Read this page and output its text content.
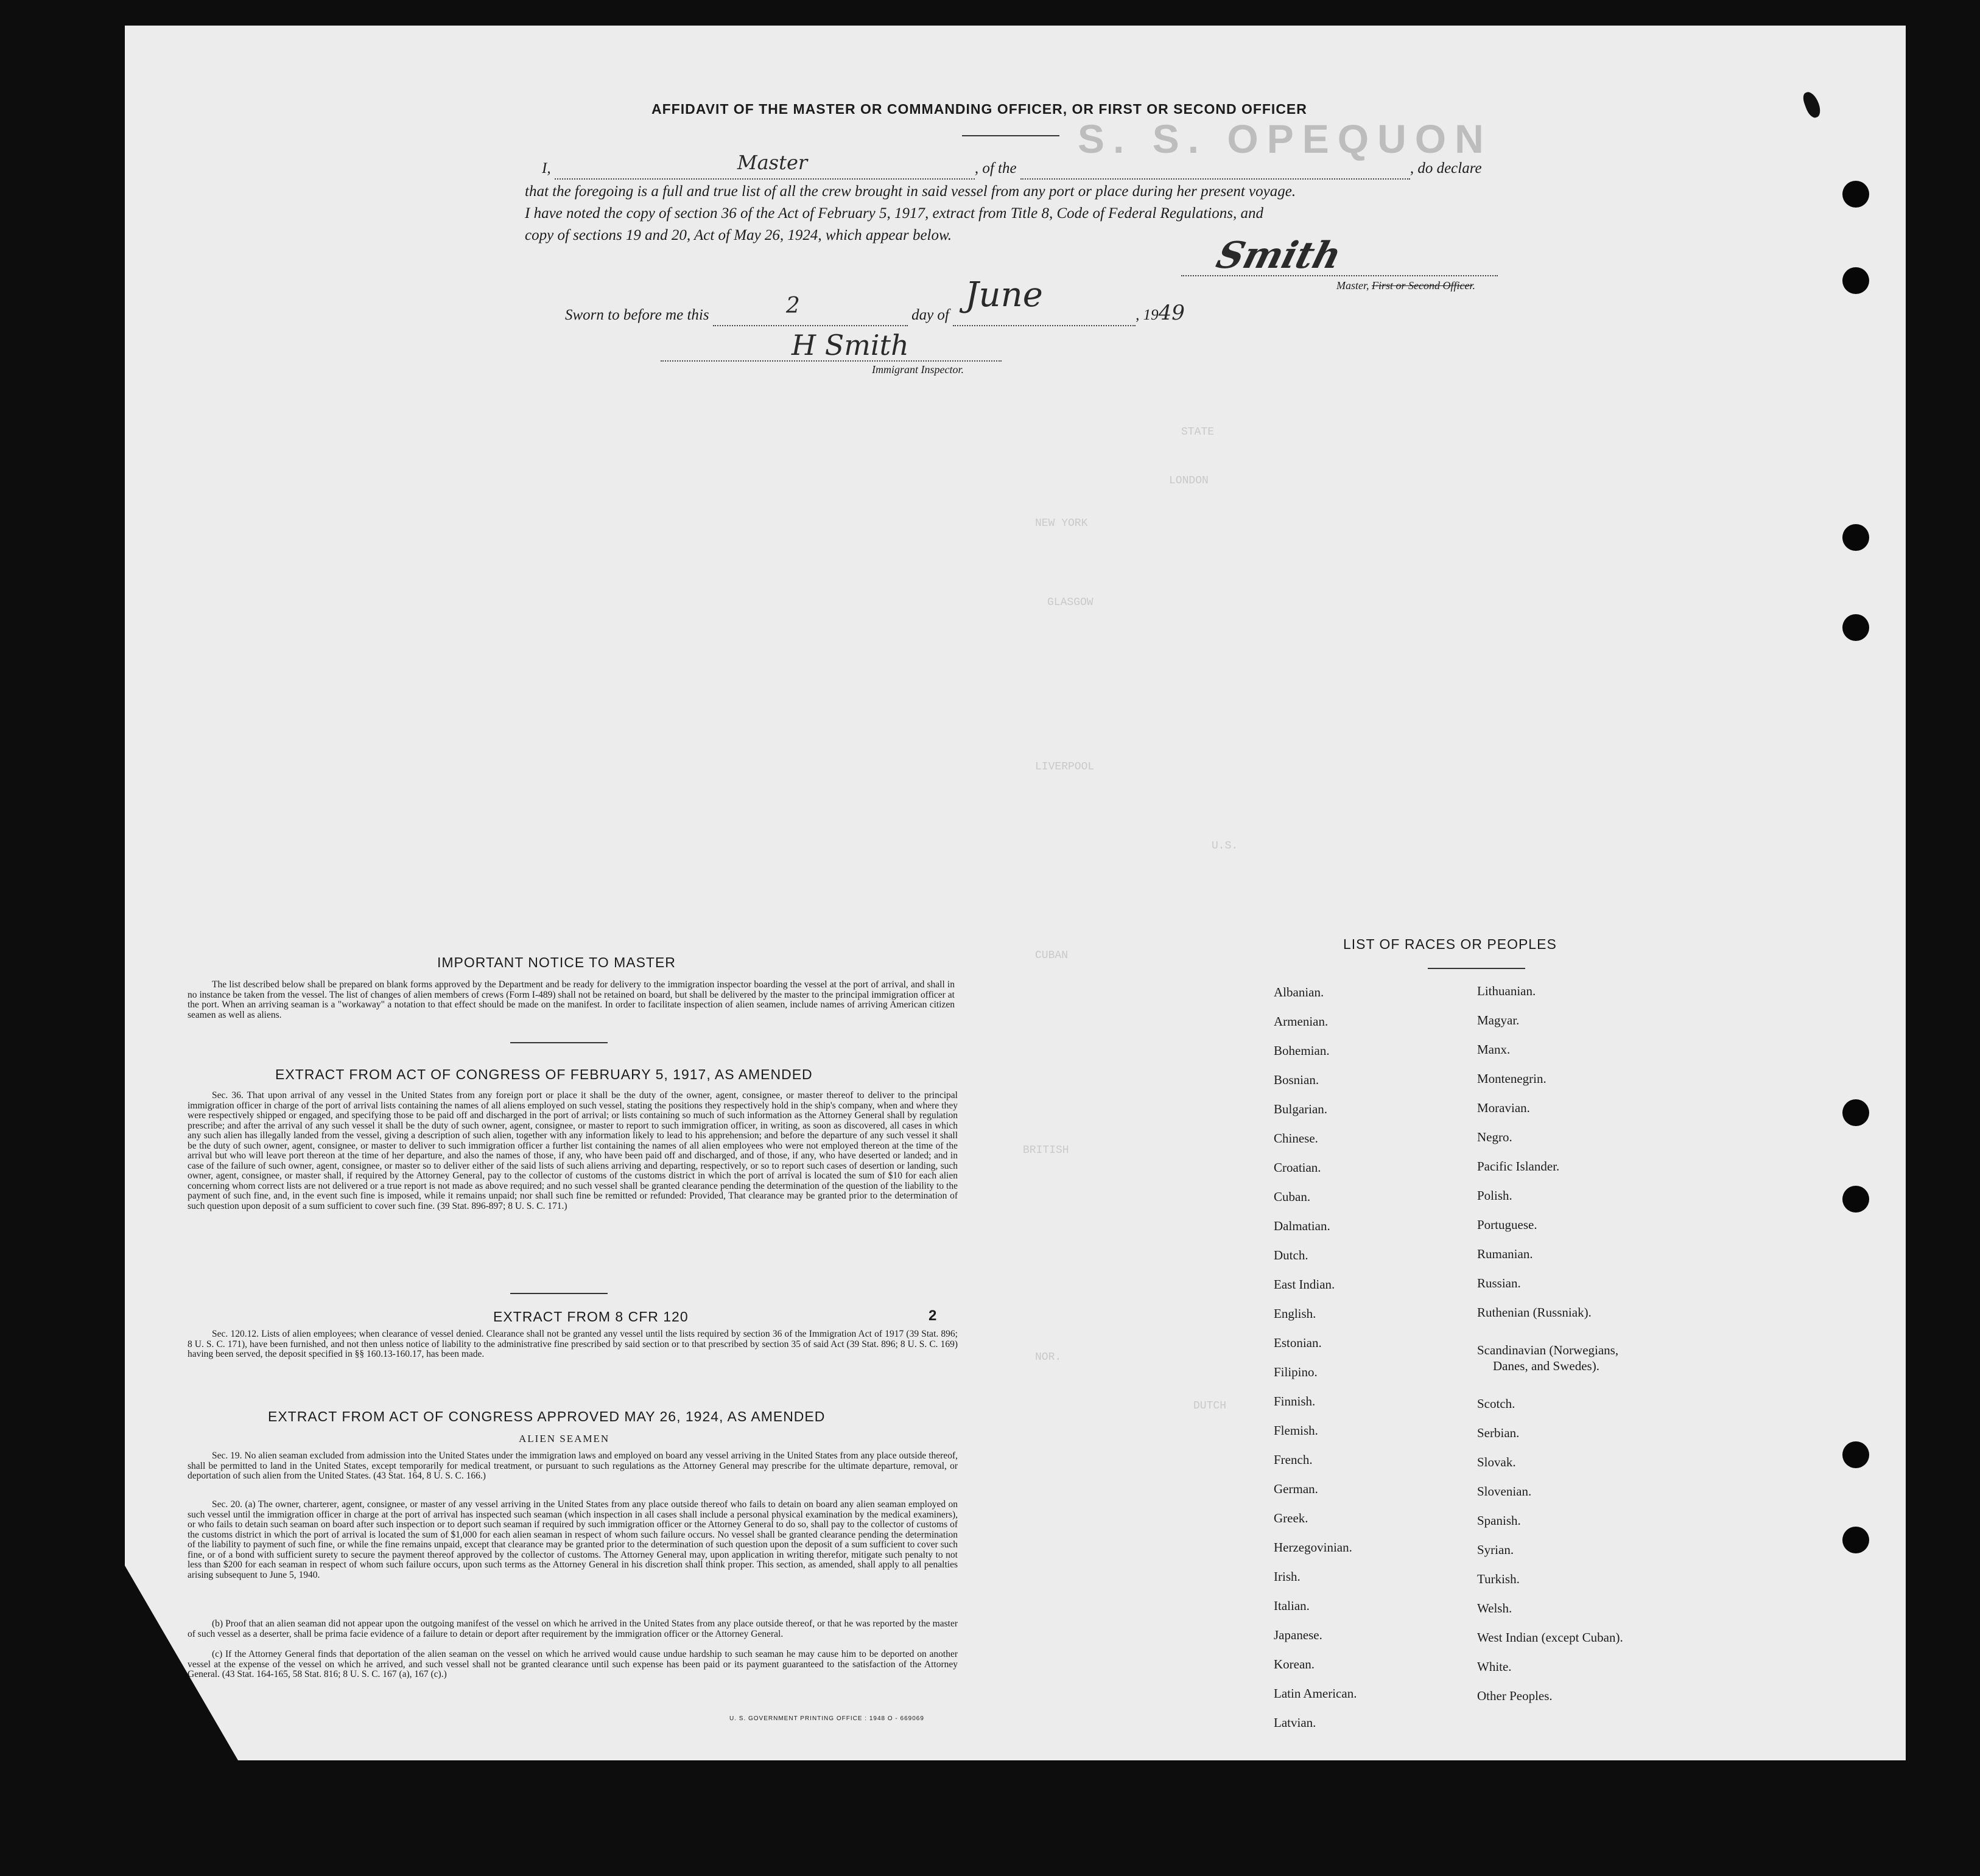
STATE
LONDON
NEW YORK
GLASGOW
LIVERPOOL
U.S.
CUBAN
BRITISH
NOR.
DUTCH
AFFIDAVIT OF THE MASTER OR COMMANDING OFFICER, OR FIRST OR SECOND OFFICER
S. S. OPEQUON
I,	Master	, of the	, do declare
that the foregoing is a full and true list of all the crew brought in said vessel from any port or place during her present voyage.
I have noted the copy of section 36 of the Act of February 5, 1917, extract from Title 8, Code of Federal Regulations, and
copy of sections 19 and 20, Act of May 26, 1924, which appear below.	Smith
Master, First or Second Officer.
Sworn to before me this	2	day of
June
, 1949
H Smith
Immigrant Inspector.
IMPORTANT NOTICE TO MASTER
The list described below shall be prepared on blank forms approved by the Department and be ready for delivery to the immigration inspector boarding the vessel at the port of arrival, and shall in no instance be taken from the vessel. The list of changes of alien members of crews (Form I-489) shall not be retained on board, but shall be delivered by the master to the principal immigration officer at the port. When an arriving seaman is a "workaway" a notation to that effect should be made on the manifest. In order to facilitate inspection of alien seamen, include names of arriving American citizen seamen as well as aliens.
EXTRACT FROM ACT OF CONGRESS OF FEBRUARY 5, 1917, AS AMENDED
Sec. 36. That upon arrival of any vessel in the United States from any foreign port or place it shall be the duty of the owner, agent, consignee, or master thereof to deliver to the principal immigration officer in charge of the port of arrival lists containing the names of all aliens employed on such vessel, stating the positions they respectively hold in the ship's company, when and where they were respectively shipped or engaged, and specifying those to be paid off and discharged in the port of arrival; or lists containing so much of such information as the Attorney General shall by regulation prescribe; and after the arrival of any such vessel it shall be the duty of such owner, agent, consignee, or master to report to such immigration officer, in writing, as soon as discovered, all cases in which any such alien has illegally landed from the vessel, giving a description of such alien, together with any information likely to lead to his apprehension; and before the departure of any such vessel it shall be the duty of such owner, agent, consignee, or master to deliver to such immigration officer a further list containing the names of all alien employees who were not employed thereon at the time of the arrival but who will leave port thereon at the time of her departure, and also the names of those, if any, who have been paid off and discharged, and of those, if any, who have deserted or landed; and in case of the failure of such owner, agent, consignee, or master so to deliver either of the said lists of such aliens arriving and departing, respectively, or so to report such cases of desertion or landing, such owner, agent, consignee, or master shall, if required by the Attorney General, pay to the collector of customs of the customs district in which the port of arrival is located the sum of $10 for each alien concerning whom correct lists are not delivered or a true report is not made as above required; and no such vessel shall be granted clearance pending the determination of the question of the liability to the payment of such fine, and, in the event such fine is imposed, while it remains unpaid; nor shall such fine be remitted or refunded: Provided, That clearance may be granted prior to the determination of such question upon deposit of a sum sufficient to cover such fine. (39 Stat. 896-897; 8 U. S. C. 171.)
EXTRACT FROM 8 CFR 120	2
Sec. 120.12. Lists of alien employees; when clearance of vessel denied. Clearance shall not be granted any vessel until the lists required by section 36 of the Immigration Act of 1917 (39 Stat. 896; 8 U. S. C. 171), have been furnished, and not then unless notice of liability to the administrative fine prescribed by said section or to that prescribed by section 35 of said Act (39 Stat. 896; 8 U. S. C. 169) having been served, the deposit specified in §§ 160.13-160.17, has been made.
EXTRACT FROM ACT OF CONGRESS APPROVED MAY 26, 1924, AS AMENDED
ALIEN SEAMEN
Sec. 19. No alien seaman excluded from admission into the United States under the immigration laws and employed on board any vessel arriving in the United States from any place outside thereof, shall be permitted to land in the United States, except temporarily for medical treatment, or pursuant to such regulations as the Attorney General may prescribe for the ultimate departure, removal, or deportation of such alien from the United States. (43 Stat. 164, 8 U. S. C. 166.)
Sec. 20. (a) The owner, charterer, agent, consignee, or master of any vessel arriving in the United States from any place outside thereof who fails to detain on board any alien seaman employed on such vessel until the immigration officer in charge at the port of arrival has inspected such seaman (which inspection in all cases shall include a personal physical examination by the medical examiners), or who fails to detain such seaman on board after such inspection or to deport such seaman if required by such immigration officer or the Attorney General to do so, shall pay to the collector of customs of the customs district in which the port of arrival is located the sum of $1,000 for each alien seaman in respect of whom such failure occurs. No vessel shall be granted clearance pending the determination of the liability to payment of such fine, or while the fine remains unpaid, except that clearance may be granted prior to the determination of such question upon the deposit of a sum sufficient to cover such fine, or of a bond with sufficient surety to secure the payment thereof approved by the collector of customs. The Attorney General may, upon application in writing therefor, mitigate such penalty to not less than $200 for each seaman in respect of whom such failure occurs, upon such terms as the Attorney General in his discretion shall think proper. This section, as amended, shall apply to all penalties arising subsequent to June 5, 1940.
(b) Proof that an alien seaman did not appear upon the outgoing manifest of the vessel on which he arrived in the United States from any place outside thereof, or that he was reported by the master of such vessel as a deserter, shall be prima facie evidence of a failure to detain or deport after requirement by the immigration officer or the Attorney General.
(c) If the Attorney General finds that deportation of the alien seaman on the vessel on which he arrived would cause undue hardship to such seaman he may cause him to be deported on another vessel at the expense of the vessel on which he arrived, and such vessel shall not be granted clearance until such expense has been paid or its payment guaranteed to the satisfaction of the Attorney General. (43 Stat. 164-165, 58 Stat. 816; 8 U. S. C. 167 (a), 167 (c).)
U. S. GOVERNMENT PRINTING OFFICE : 1948 O - 669069
LIST OF RACES OR PEOPLES
Albanian.
Armenian.
Bohemian.
Bosnian.
Bulgarian.
Chinese.
Croatian.
Cuban.
Dalmatian.
Dutch.
East Indian.
English.
Estonian.
Filipino.
Finnish.
Flemish.
French.
German.
Greek.
Herzegovinian.
Irish.
Italian.
Japanese.
Korean.
Latin American.
Latvian.
Lithuanian.
Magyar.
Manx.
Montenegrin.
Moravian.
Negro.
Pacific Islander.
Polish.
Portuguese.
Rumanian.
Russian.
Ruthenian (Russniak).
Scandinavian (Norwegians,
Danes, and Swedes).
Scotch.
Serbian.
Slovak.
Slovenian.
Spanish.
Syrian.
Turkish.
Welsh.
West Indian (except Cuban).
White.
Other Peoples.
